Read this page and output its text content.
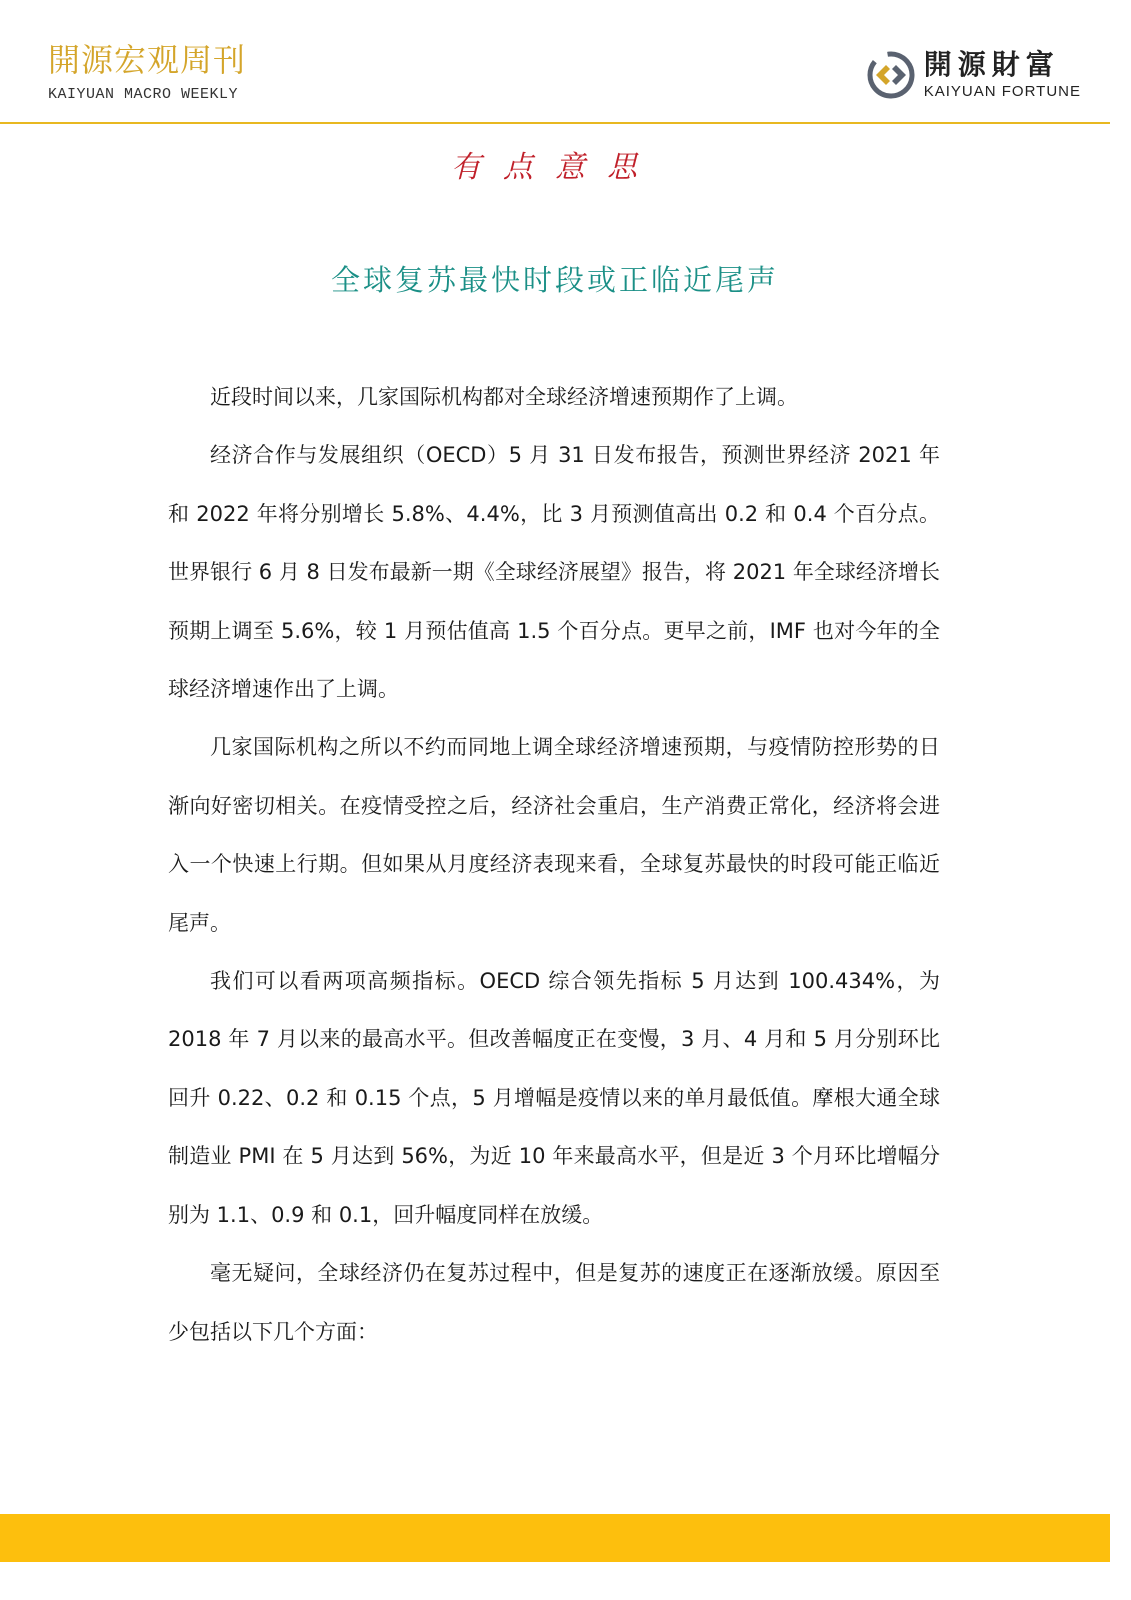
開源宏观周刊
KAIYUAN MACRO WEEKLY
開源財富
KAIYUAN FORTUNE
有点意思
全球复苏最快时段或正临近尾声

近段时间以来，几家国际机构都对全球经济增速预期作了上调。

经济合作与发展组织（OECD）5 月 31 日发布报告，预测世界经济 2021 年和 2022 年将分别增长 5.8%、4.4%，比 3 月预测值高出 0.2 和 0.4 个百分点。世界银行 6 月 8 日发布最新一期《全球经济展望》报告，将 2021 年全球经济增长预期上调至 5.6%，较 1 月预估值高 1.5 个百分点。更早之前，IMF 也对今年的全球经济增速作出了上调。

几家国际机构之所以不约而同地上调全球经济增速预期，与疫情防控形势的日渐向好密切相关。在疫情受控之后，经济社会重启，生产消费正常化，经济将会进入一个快速上行期。但如果从月度经济表现来看，全球复苏最快的时段可能正临近尾声。

我们可以看两项高频指标。OECD 综合领先指标 5 月达到 100.434%，为 2018 年 7 月以来的最高水平。但改善幅度正在变慢，3 月、4 月和 5 月分别环比回升 0.22、0.2 和 0.15 个点，5 月增幅是疫情以来的单月最低值。摩根大通全球制造业 PMI 在 5 月达到 56%，为近 10 年来最高水平，但是近 3 个月环比增幅分别为 1.1、0.9 和 0.1，回升幅度同样在放缓。

毫无疑问，全球经济仍在复苏过程中，但是复苏的速度正在逐渐放缓。原因至少包括以下几个方面：
